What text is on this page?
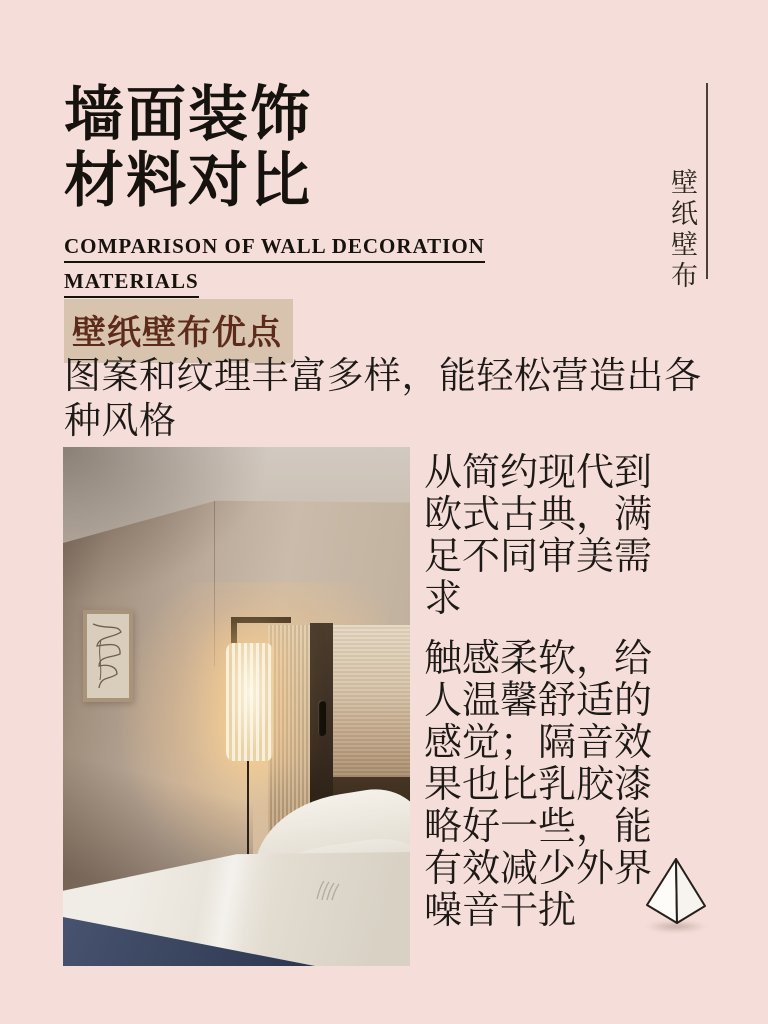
墙面装饰
材料对比
COMPARISON OF WALL DECORATION
MATERIALS	壁纸壁布
壁纸壁布优点

图案和纹理丰富多样，能轻松营造出各种风格

从简约现代到欧式古典，满足不同审美需求

触感柔软，给人温馨舒适的感觉；隔音效果也比乳胶漆略好一些，能有效减少外界噪音干扰
